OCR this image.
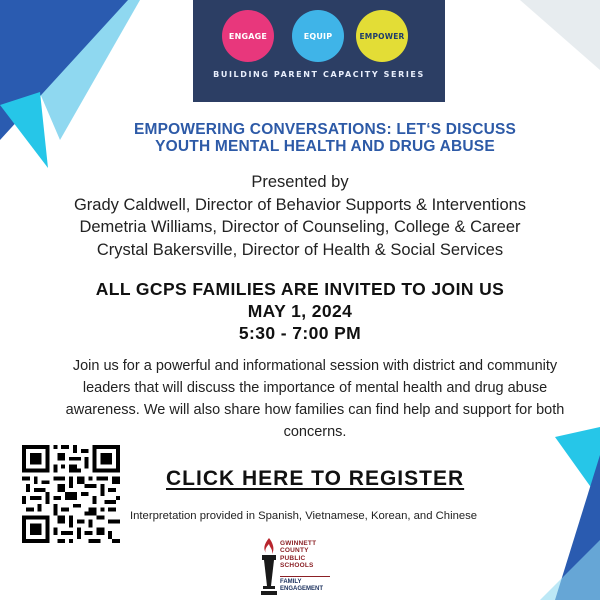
ENGAGE	EQUIP	EMPOWER
BUILDING PARENT CAPACITY SERIES
EMPOWERING CONVERSATIONS: LET‘S DISCUSS
YOUTH MENTAL HEALTH AND DRUG ABUSE
Presented by
Grady Caldwell, Director of Behavior Supports & Interventions
Demetria Williams, Director of Counseling, College & Career
Crystal Bakersville, Director of Health & Social Services
ALL GCPS FAMILIES ARE INVITED TO JOIN US
MAY 1, 2024
5:30 - 7:00 PM
Join us for a powerful and informational session with district and community leaders that will discuss the importance of mental health and drug abuse awareness. We will also share how families can find help and support for both concerns.
CLICK HERE TO REGISTER
Interpretation provided in Spanish, Vietnamese, Korean, and Chinese
GWINNETT
COUNTY
PUBLIC
SCHOOLS
FAMILY
ENGAGEMENT
